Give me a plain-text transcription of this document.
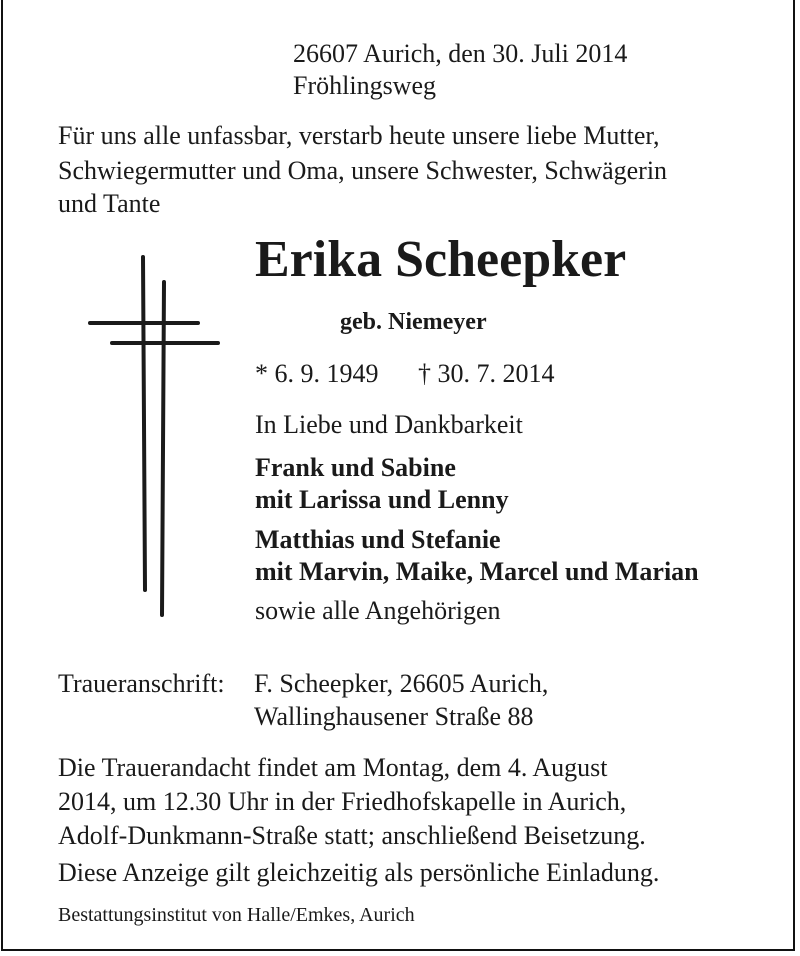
26607 Aurich, den 30. Juli 2014
Fröhlingsweg
Für uns alle unfassbar, verstarb heute unsere liebe Mutter,
Schwiegermutter und Oma, unsere Schwester, Schwägerin
und Tante
Erika Scheepker
geb. Niemeyer
* 6. 9. 1949 † 30. 7. 2014
In Liebe und Dankbarkeit
Frank und Sabine
mit Larissa und Lenny
Matthias und Stefanie
mit Marvin, Maike, Marcel und Marian
sowie alle Angehörigen
Traueranschrift: F. Scheepker, 26605 Aurich,
Wallinghausener Straße 88
Die Trauerandacht findet am Montag, dem 4. August
2014, um 12.30 Uhr in der Friedhofskapelle in Aurich,
Adolf-Dunkmann-Straße statt; anschließend Beisetzung.
Diese Anzeige gilt gleichzeitig als persönliche Einladung.
Bestattungsinstitut von Halle/Emkes, Aurich
